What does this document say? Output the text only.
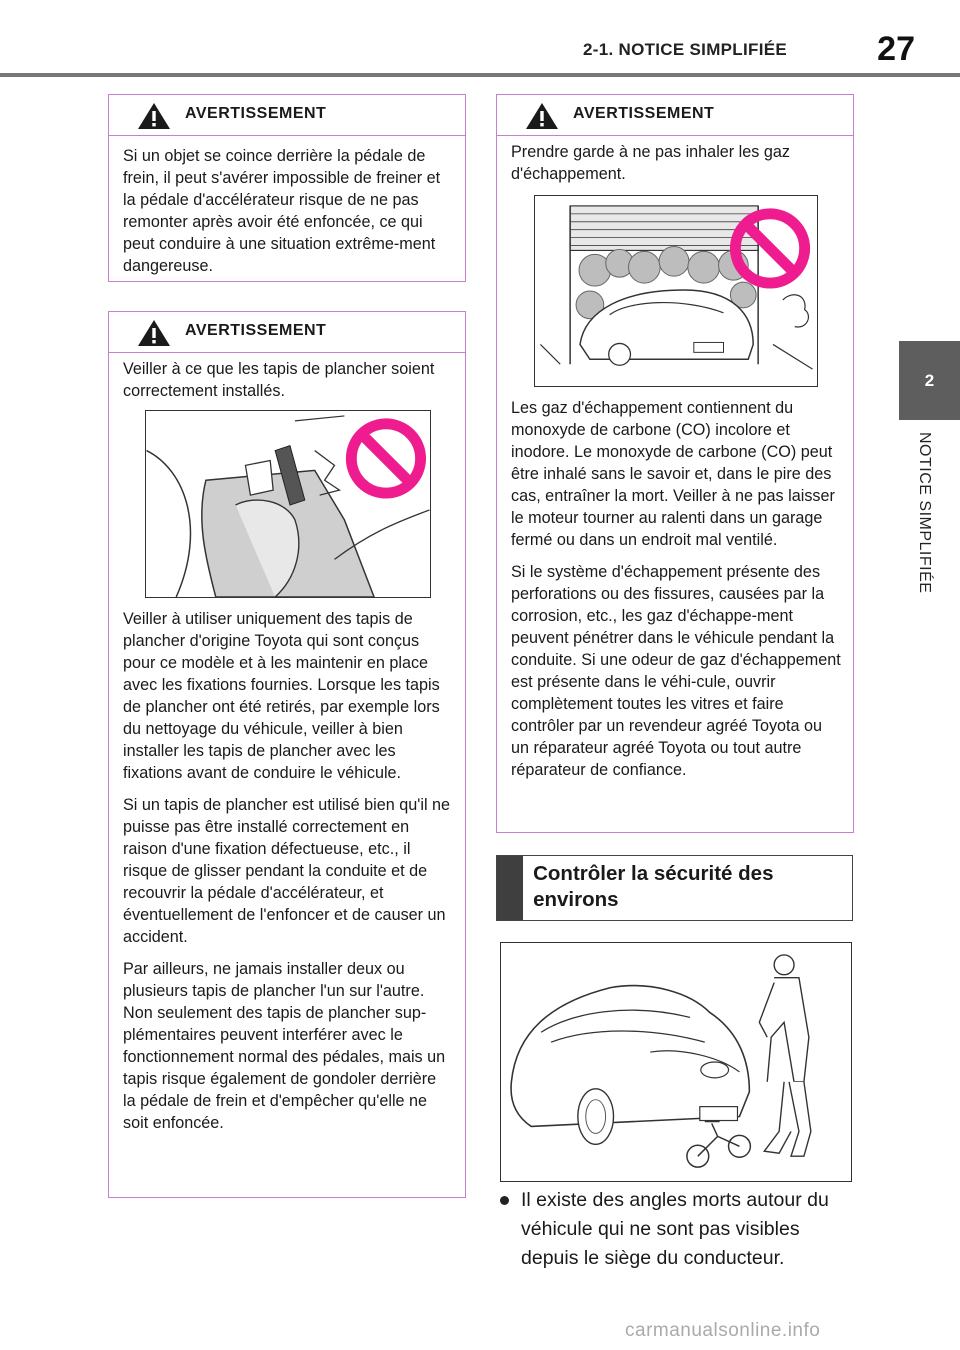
2-1. NOTICE SIMPLIFIÉE	27
2
NOTICE SIMPLIFIÉE
AVERTISSEMENT

Si un objet se coince derrière la pédale de frein, il peut s'avérer impossible de freiner et la pédale d'accélérateur risque de ne pas remonter après avoir été enfoncée, ce qui peut conduire à une situation extrême-ment dangereuse.

AVERTISSEMENT

Veiller à ce que les tapis de plancher soient correctement installés.

Veiller à utiliser uniquement des tapis de plancher d'origine Toyota qui sont conçus pour ce modèle et à les maintenir en place avec les fixations fournies. Lorsque les tapis de plancher ont été retirés, par exemple lors du nettoyage du véhicule, veiller à bien installer les tapis de plancher avec les fixations avant de conduire le véhicule.

Si un tapis de plancher est utilisé bien qu'il ne puisse pas être installé correctement en raison d'une fixation défectueuse, etc., il risque de glisser pendant la conduite et de recouvrir la pédale d'accélérateur, et éventuellement de l'enfoncer et de causer un accident.

Par ailleurs, ne jamais installer deux ou plusieurs tapis de plancher l'un sur l'autre. Non seulement des tapis de plancher sup-plémentaires peuvent interférer avec le fonctionnement normal des pédales, mais un tapis risque également de gondoler derrière la pédale de frein et d'empêcher qu'elle ne soit enfoncée.

AVERTISSEMENT

Prendre garde à ne pas inhaler les gaz d'échappement.

Les gaz d'échappement contiennent du monoxyde de carbone (CO) incolore et inodore. Le monoxyde de carbone (CO) peut être inhalé sans le savoir et, dans le pire des cas, entraîner la mort. Veiller à ne pas laisser le moteur tourner au ralenti dans un garage fermé ou dans un endroit mal ventilé.

Si le système d'échappement présente des perforations ou des fissures, causées par la corrosion, etc., les gaz d'échappe-ment peuvent pénétrer dans le véhicule pendant la conduite. Si une odeur de gaz d'échappement est présente dans le véhi-cule, ouvrir complètement toutes les vitres et faire contrôler par un revendeur agréé Toyota ou un réparateur agréé Toyota ou tout autre réparateur de confiance.

Contrôler la sécurité des environs
Il existe des angles morts autour du véhicule qui ne sont pas visibles depuis le siège du conducteur.
carmanualsonline.info
